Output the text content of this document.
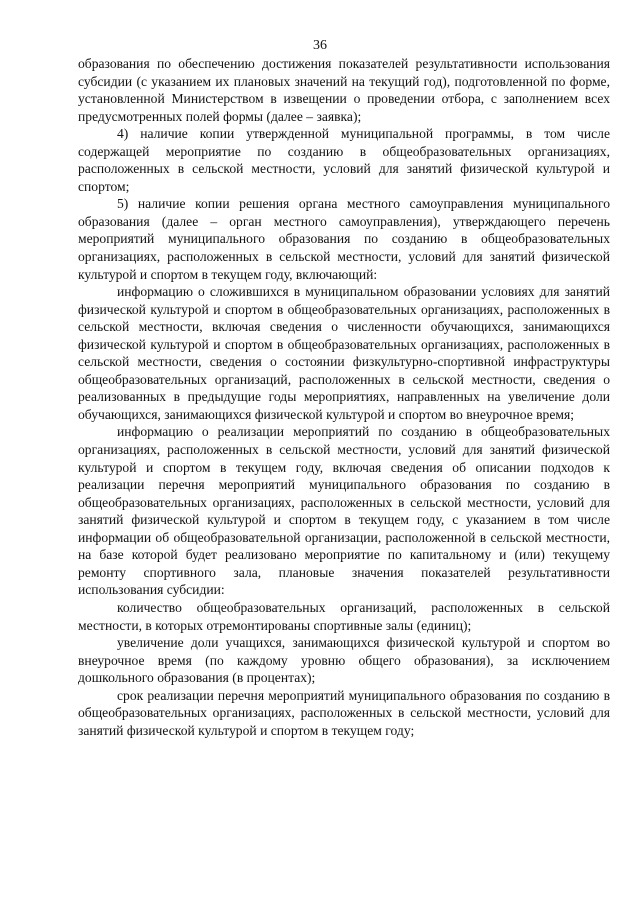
36

образования по обеспечению достижения показателей результативности использования субсидии (с указанием их плановых значений на текущий год), подготовленной по форме, установленной Министерством в извещении о проведении отбора, с заполнением всех предусмотренных полей формы (далее – заявка);

4) наличие копии утвержденной муниципальной программы, в том числе содержащей мероприятие по созданию в общеобразовательных организациях, расположенных в сельской местности, условий для занятий физической культурой и спортом;

5) наличие копии решения органа местного самоуправления муниципального образования (далее – орган местного самоуправления), утверждающего перечень мероприятий муниципального образования по созданию в общеобразовательных организациях, расположенных в сельской местности, условий для занятий физической культурой и спортом в текущем году, включающий:

информацию о сложившихся в муниципальном образовании условиях для занятий физической культурой и спортом в общеобразовательных организациях, расположенных в сельской местности, включая сведения о численности обучающихся, занимающихся физической культурой и спортом в общеобразовательных организациях, расположенных в сельской местности, сведения о состоянии физкультурно-спортивной инфраструктуры общеобразовательных организаций, расположенных в сельской местности, сведения о реализованных в предыдущие годы мероприятиях, направленных на увеличение доли обучающихся, занимающихся физической культурой и спортом во внеурочное время;

информацию о реализации мероприятий по созданию в общеобразовательных организациях, расположенных в сельской местности, условий для занятий физической культурой и спортом в текущем году, включая сведения об описании подходов к реализации перечня мероприятий муниципального образования по созданию в общеобразовательных организациях, расположенных в сельской местности, условий для занятий физической культурой и спортом в текущем году, с указанием в том числе информации об общеобразовательной организации, расположенной в сельской местности, на базе которой будет реализовано мероприятие по капитальному и (или) текущему ремонту спортивного зала, плановые значения показателей результативности использования субсидии:

количество общеобразовательных организаций, расположенных в сельской местности, в которых отремонтированы спортивные залы (единиц);

увеличение доли учащихся, занимающихся физической культурой и спортом во внеурочное время (по каждому уровню общего образования), за исключением дошкольного образования (в процентах);

срок реализации перечня мероприятий муниципального образования по созданию в общеобразовательных организациях, расположенных в сельской местности, условий для занятий физической культурой и спортом в текущем году;
